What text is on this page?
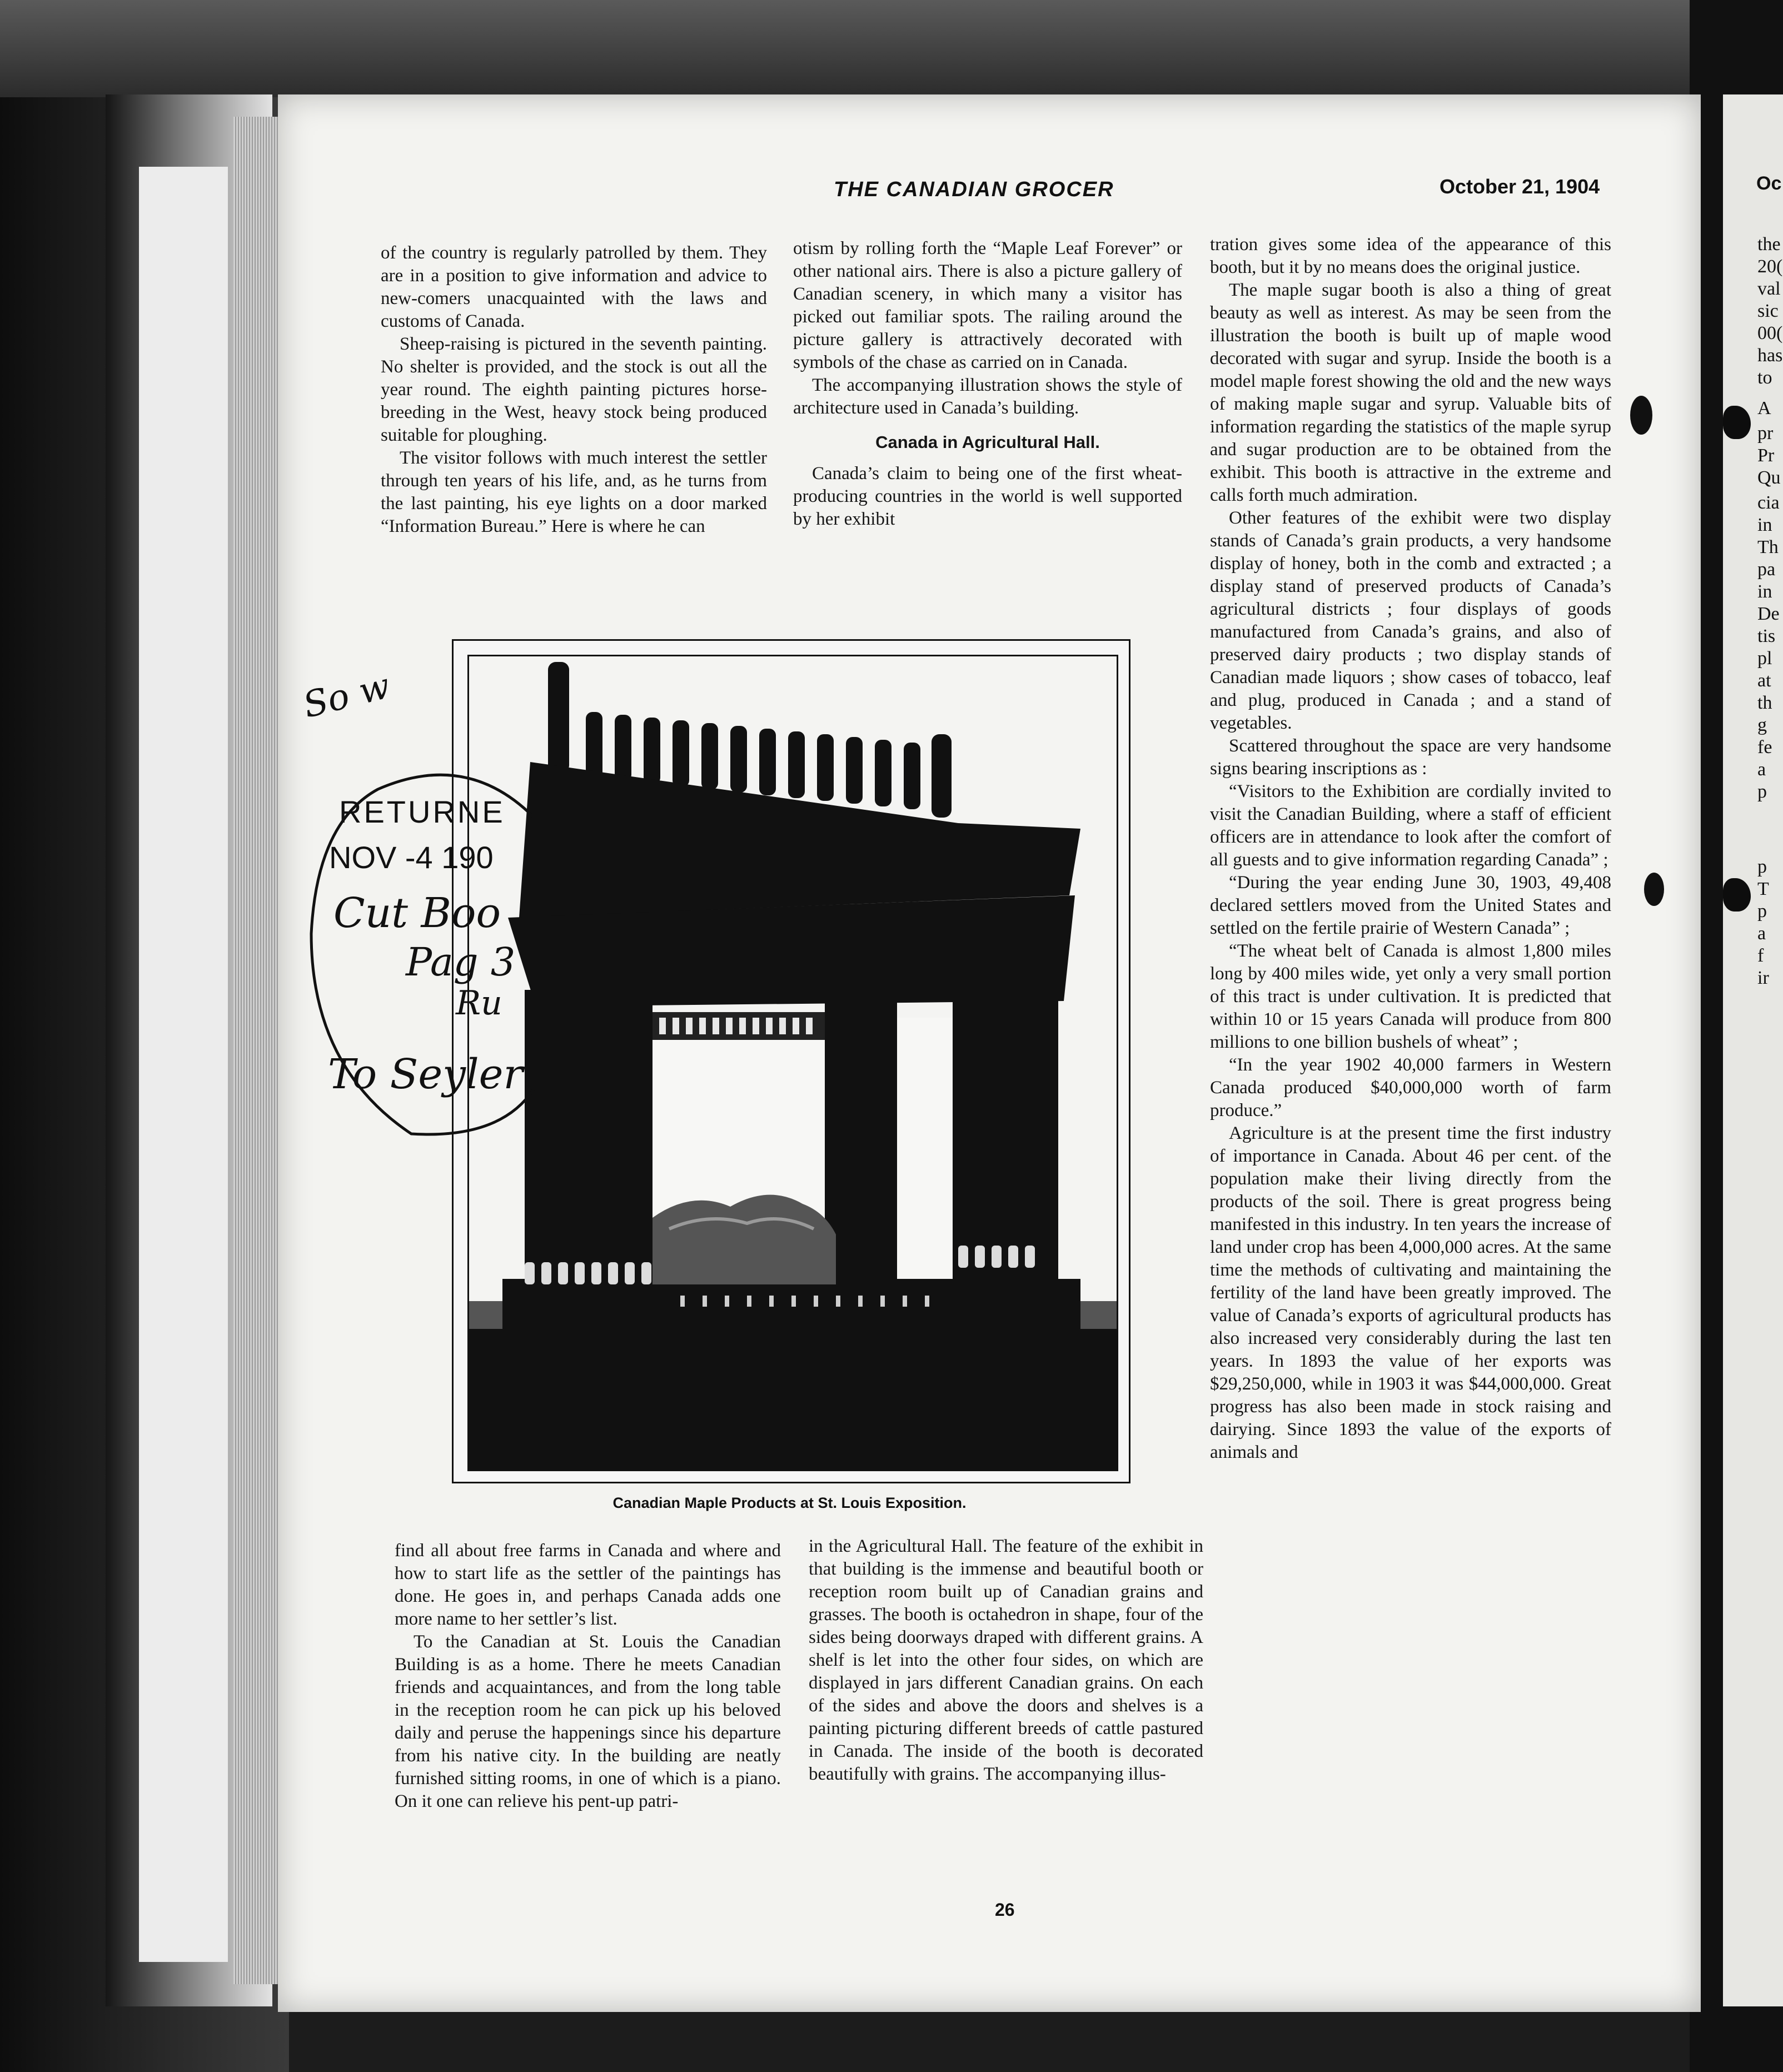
Oc
the
20(
val
sic
00(
has
to
A
pr
Pr
Qu
cia
in
Th
pa
in
De
tis
pl
at
th
g
fe
a
p
p
T
p
a
f
ir
THE CANADIAN GROCER	October 21, 1904

of the country is regularly patrolled by them. They are in a position to give information and advice to new-comers unacquainted with the laws and customs of Canada.

Sheep-raising is pictured in the seventh painting. No shelter is provided, and the stock is out all the year round. The eighth painting pictures horse-breeding in the West, heavy stock being produced suitable for ploughing.

The visitor follows with much interest the settler through ten years of his life, and, as he turns from the last painting, his eye lights on a door marked “Information Bureau.” Here is where he can

otism by rolling forth the “Maple Leaf Forever” or other national airs. There is also a picture gallery of Canadian scenery, in which many a visitor has picked out familiar spots. The railing around the picture gallery is attractively decorated with symbols of the chase as carried on in Canada.

The accompanying illustration shows the style of architecture used in Canada’s building.

Canada in Agricultural Hall.

Canada’s claim to being one of the first wheat-producing countries in the world is well supported by her exhibit

tration gives some idea of the appearance of this booth, but it by no means does the original justice.

The maple sugar booth is also a thing of great beauty as well as interest. As may be seen from the illustration the booth is built up of maple wood decorated with sugar and syrup. Inside the booth is a model maple forest showing the old and the new ways of making maple sugar and syrup. Valuable bits of information regarding the statistics of the maple syrup and sugar production are to be obtained from the exhibit. This booth is attractive in the extreme and calls forth much admiration.

Other features of the exhibit were two display stands of Canada’s grain products, a very handsome display of honey, both in the comb and extracted ; a display stand of preserved products of Canada’s agricultural districts ; four displays of goods manufactured from Canada’s grains, and also of preserved dairy products ; two display stands of Canadian made liquors ; show cases of tobacco, leaf and plug, produced in Canada ; and a stand of vegetables.

Scattered throughout the space are very handsome signs bearing inscriptions as :

“Visitors to the Exhibition are cordially invited to visit the Canadian Building, where a staff of efficient officers are in attendance to look after the comfort of all guests and to give information regarding Canada” ;

“During the year ending June 30, 1903, 49,408 declared settlers moved from the United States and settled on the fertile prairie of Western Canada” ;

“The wheat belt of Canada is almost 1,800 miles long by 400 miles wide, yet only a very small portion of this tract is under cultivation. It is predicted that within 10 or 15 years Canada will produce from 800 millions to one billion bushels of wheat” ;

“In the year 1902 40,000 farmers in Western Canada produced $40,000,000 worth of farm produce.”

Agriculture is at the present time the first industry of importance in Canada. About 46 per cent. of the population make their living directly from the products of the soil. There is great progress being manifested in this industry. In ten years the increase of land under crop has been 4,000,000 acres. At the same time the methods of cultivating and maintaining the fertility of the land have been greatly improved. The value of Canada’s exports of agricultural products has also increased very considerably during the last ten years. In 1893 the value of her exports was $29,250,000, while in 1903 it was $44,000,000. Great progress has also been made in stock raising and dairying. Since 1893 the value of the exports of animals and

Canadian Maple Products at St. Louis Exposition.
RETURNE
NOV -4 190
Cut Boo
Pag 3
Ru
To Seyler
So w

find all about free farms in Canada and where and how to start life as the settler of the paintings has done. He goes in, and perhaps Canada adds one more name to her settler’s list.

To the Canadian at St. Louis the Canadian Building is as a home. There he meets Canadian friends and acquaintances, and from the long table in the reception room he can pick up his beloved daily and peruse the happenings since his departure from his native city. In the building are neatly furnished sitting rooms, in one of which is a piano. On it one can relieve his pent-up patri-

in the Agricultural Hall. The feature of the exhibit in that building is the immense and beautiful booth or reception room built up of Canadian grains and grasses. The booth is octahedron in shape, four of the sides being doorways draped with different grains. A shelf is let into the other four sides, on which are displayed in jars different Canadian grains. On each of the sides and above the doors and shelves is a painting picturing different breeds of cattle pastured in Canada. The inside of the booth is decorated beautifully with grains. The accompanying illus-

26
